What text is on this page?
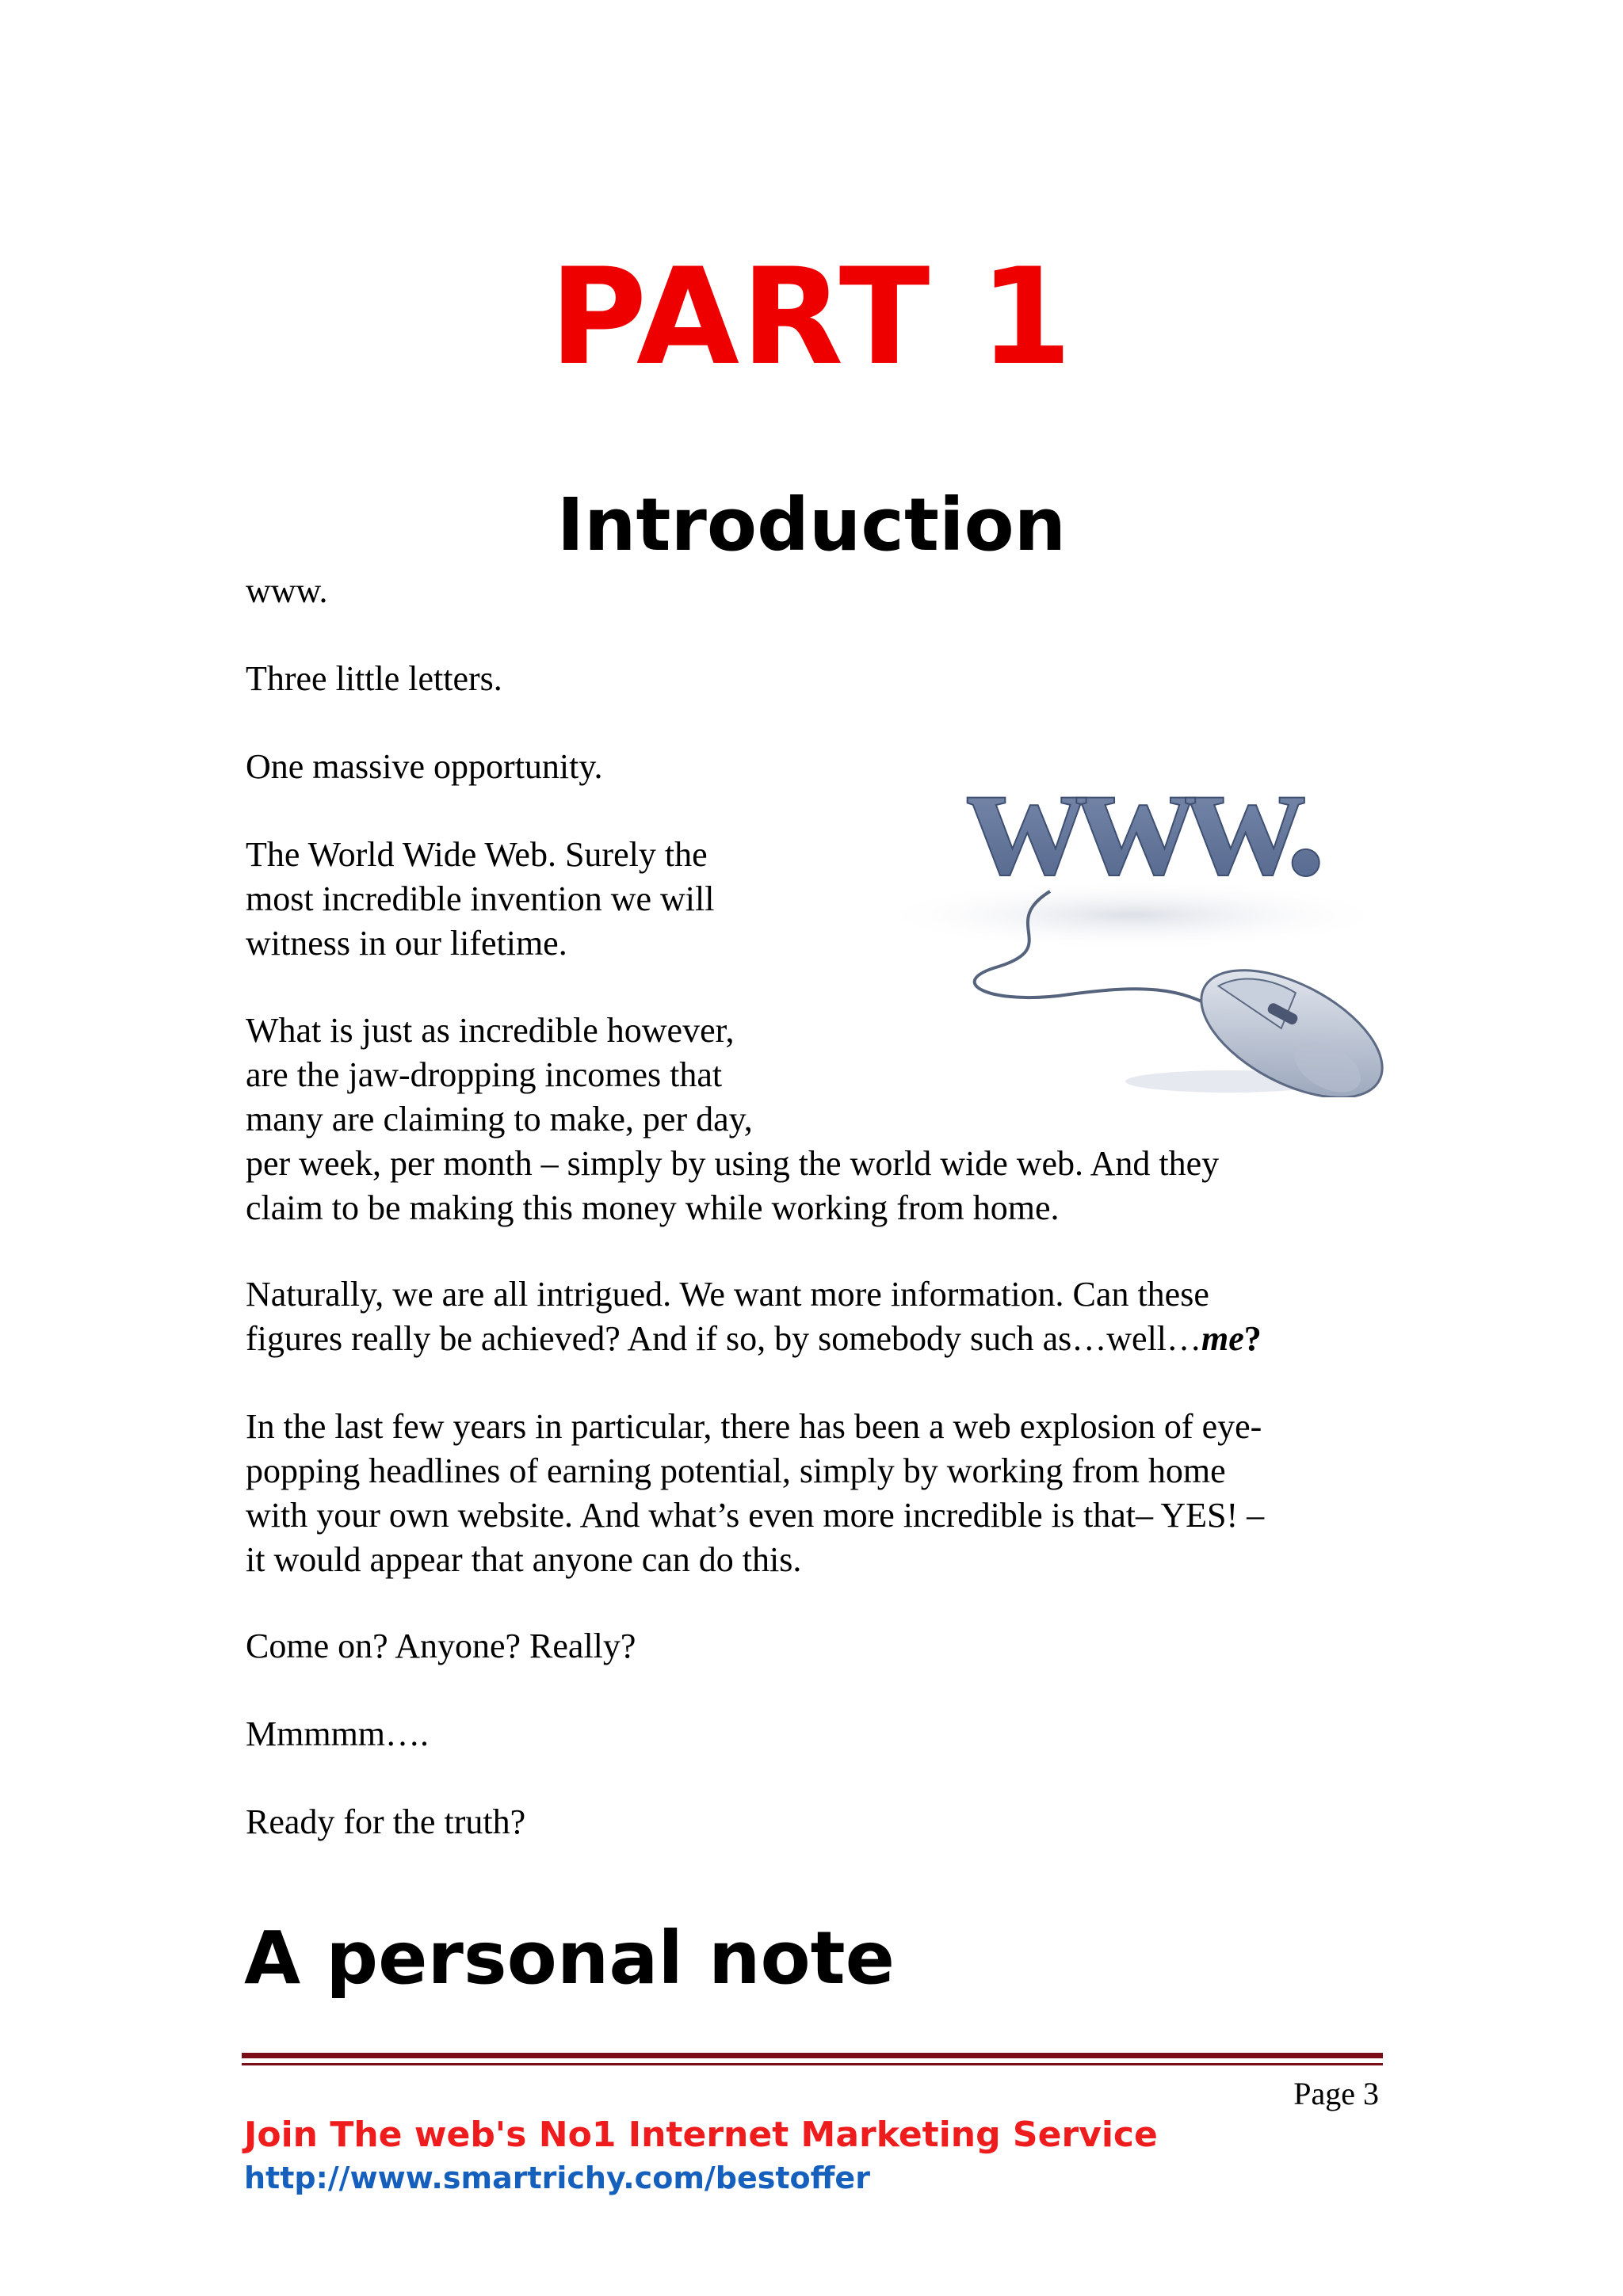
PART 1
Introduction

www.

Three little letters.

One massive opportunity.

The World Wide Web. Surely the
most incredible invention we will
witness in our lifetime.
What is just as incredible however,
are the jaw-dropping incomes that
many are claiming to make, per day,
per week, per month – simply by using the world wide web. And they
claim to be making this money while working from home.
Naturally, we are all intrigued. We want more information. Can these
figures really be achieved? And if so, by somebody such as…well…me?
In the last few years in particular, there has been a web explosion of eye-
popping headlines of earning potential, simply by working from home
with your own website. And what’s even more incredible is that– YES! –
it would appear that anyone can do this.

Come on? Anyone? Really?

Mmmmm….

Ready for the truth?

www.
A personal note
Page 3
Join The web's No1 Internet Marketing Service
http://www.smartrichy.com/bestoffer
